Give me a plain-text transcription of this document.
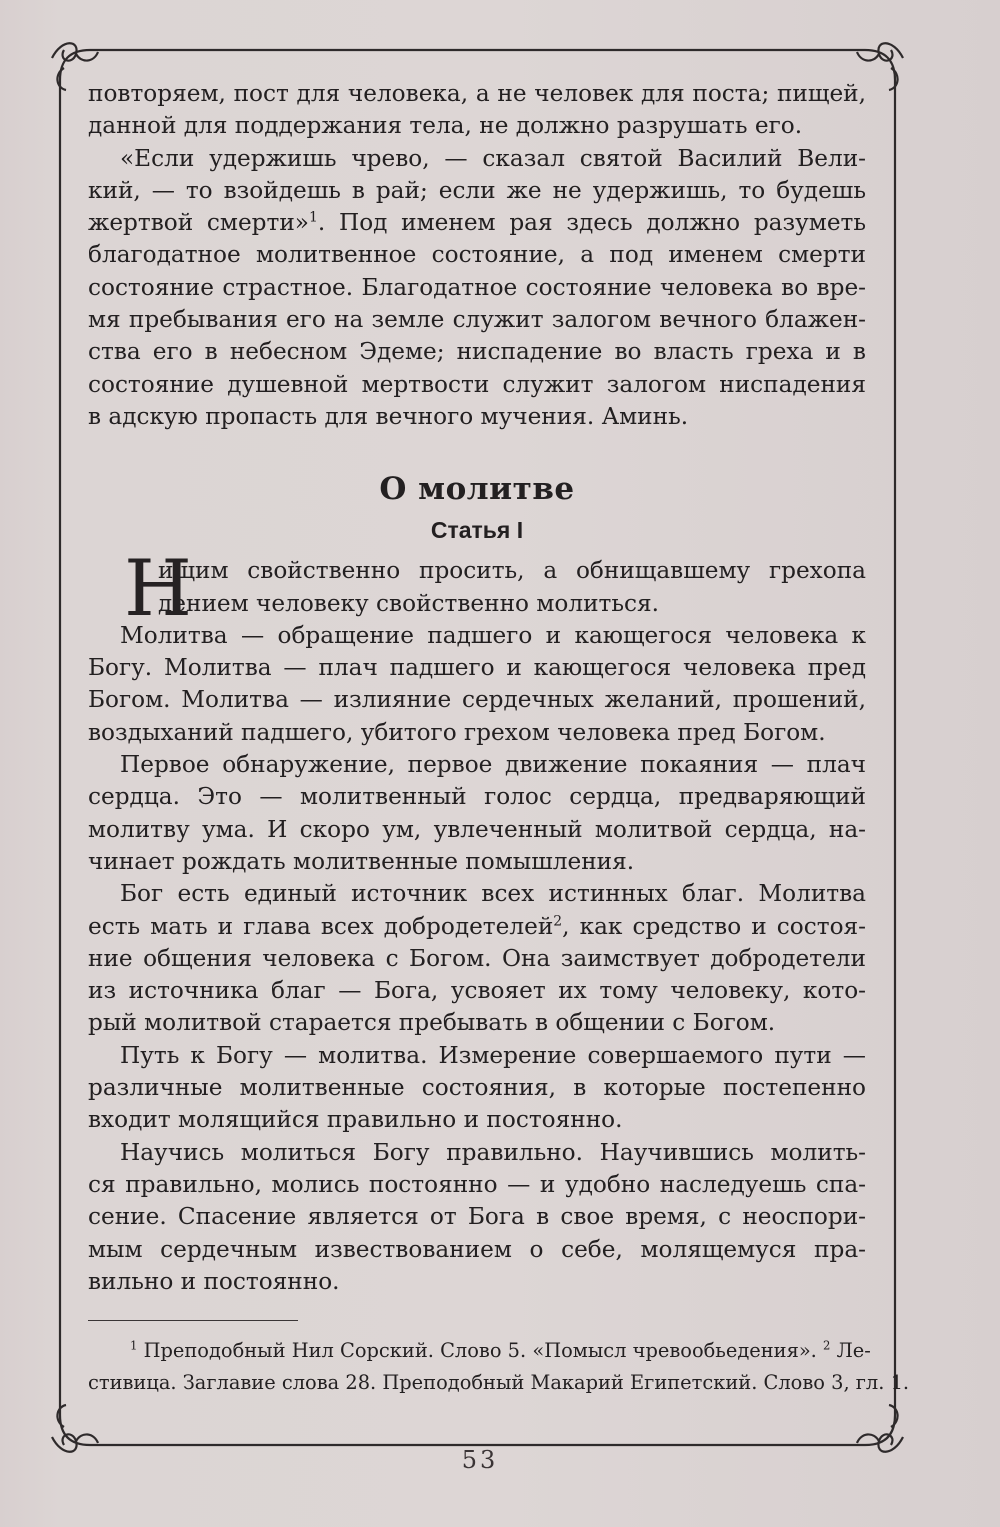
повторяем, пост для человека, а не человек для поста; пищей,

данной для поддержания тела, не должно разрушать его.

«Если удержишь чрево, — сказал святой Василий Вели-

кий, — то взойдешь в рай; если же не удержишь, то будешь

жертвой смерти»$^1$. Под именем рая здесь должно разуметь

благодатное молитвенное состояние, а под именем смерти

состояние страстное. Благодатное состояние человека во вре-

мя пребывания его на земле служит залогом вечного блажен-

ства его в небесном Эдеме; ниспадение во власть греха и в

состояние душевной мертвости служит залогом ниспадения

в адскую пропасть для вечного мучения. Аминь.

О молитве
Статья I
Н

ищим свойственно просить, а обнищавшему грехопа

дением человеку свойственно молиться.

Молитва — обращение падшего и кающегося человека к

Богу. Молитва — плач падшего и кающегося человека пред

Богом. Молитва — излияние сердечных желаний, прошений,

воздыханий падшего, убитого грехом человека пред Богом.

Первое обнаружение, первое движение покаяния — плач

сердца. Это — молитвенный голос сердца, предваряющий

молитву ума. И скоро ум, увлеченный молитвой сердца, на-

чинает рождать молитвенные помышления.

Бог есть единый источник всех истинных благ. Молитва

есть мать и глава всех добродетелей$^2$, как средство и состоя-

ние общения человека с Богом. Она заимствует добродетели

из источника благ — Бога, усвояет их тому человеку, кото-

рый молитвой старается пребывать в общении с Богом.

Путь к Богу — молитва. Измерение совершаемого пути —

различные молитвенные состояния, в которые постепенно

входит молящийся правильно и постоянно.

Научись молиться Богу правильно. Научившись молить-

ся правильно, молись постоянно — и удобно наследуешь спа-

сение. Спасение является от Бога в свое время, с неоспори-

мым сердечным извествованием о себе, молящемуся пра-

вильно и постоянно.

$^1$ Преподобный Нил Сорский. Слово 5. «Помысл чревообьедения». $^2$ Ле-

стивица. Заглавие слова 28. Преподобный Макарий Египетский. Слово 3, гл. 1.

53
